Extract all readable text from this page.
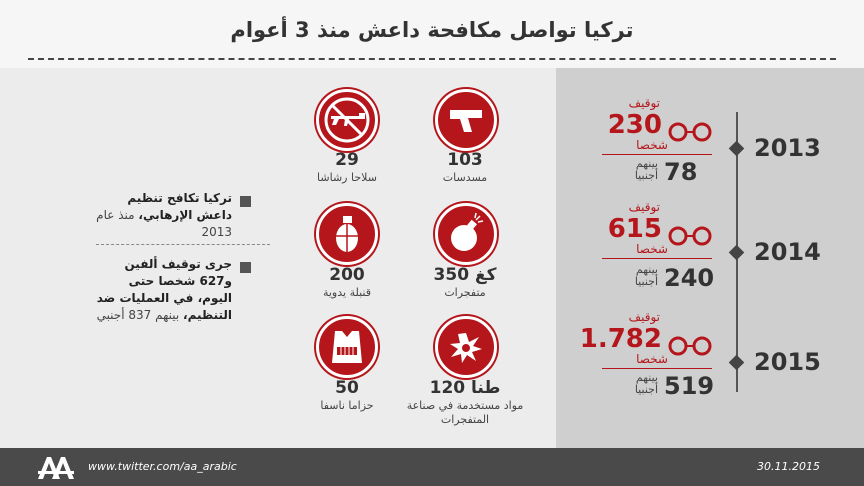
تركيا تواصل مكافحة داعش منذ 3 أعوام
29
سلاحا رشاشا
103
مسدسات
200
قنبلة يدوية
350 كغ
متفجرات
50
حزاما ناسفا
120 طنا
مواد مستخدمة في صناعة المتفجرات
تركيا تكافح تنظيم داعش الإرهابي، منذ عام 2013
جرى توقيف ألفين و627 شخصا حتى اليوم، في العمليات ضد التنظيم، بينهم 837 أجنبي
توقيف
230
شخصا
بينهم أجنبيا 78
2013
توقيف
615
شخصا
بينهم أجنبيا 240
2014
توقيف
1.782
شخصا
بينهم أجنبيا 519
2015
www.twitter.com/aa_arabic	30.11.2015
